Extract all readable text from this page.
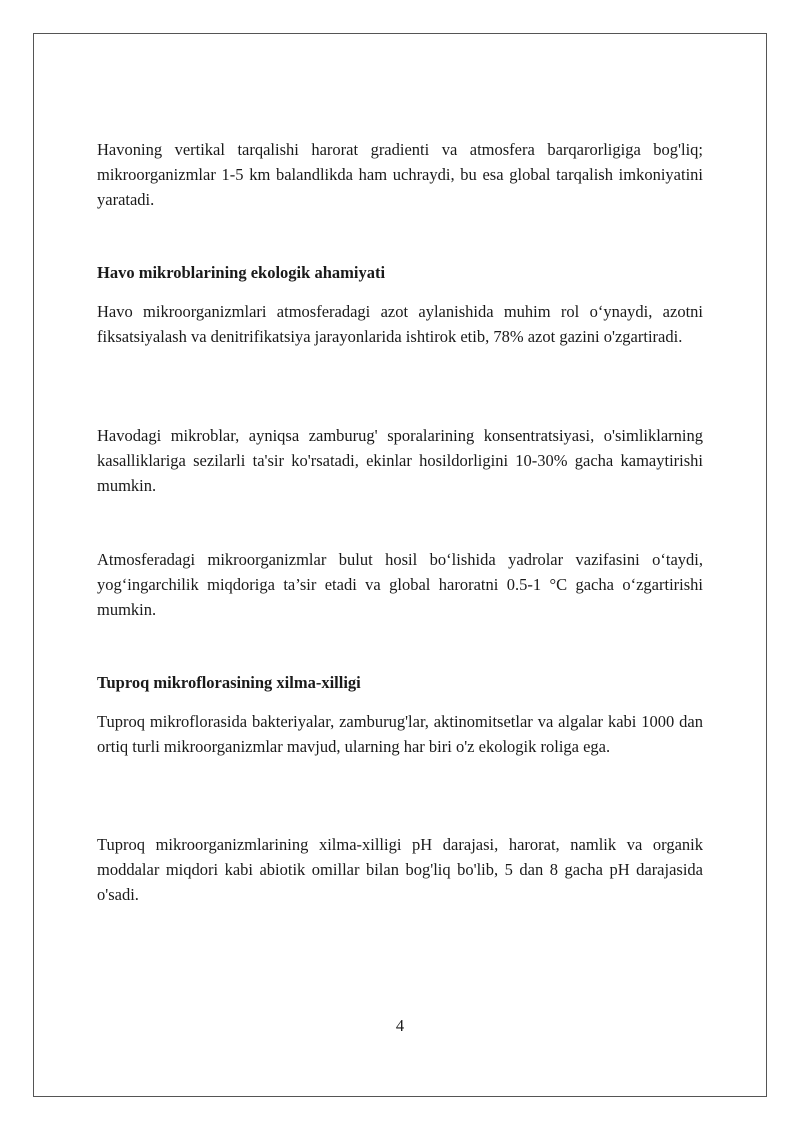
Havoning vertikal tarqalishi harorat gradienti va atmosfera barqarorligiga bog'liq; mikroorganizmlar 1-5 km balandlikda ham uchraydi, bu esa global tarqalish imkoniyatini yaratadi.

Havo mikroblarining ekologik ahamiyati

Havo mikroorganizmlari atmosferadagi azot aylanishida muhim rol o‘ynaydi, azotni fiksatsiyalash va denitrifikatsiya jarayonlarida ishtirok etib, 78% azot gazini o'zgartiradi.

Havodagi mikroblar, ayniqsa zamburug' sporalarining konsentratsiyasi, o'simliklarning kasalliklariga sezilarli ta'sir ko'rsatadi, ekinlar hosildorligini 10-30% gacha kamaytirishi mumkin.

Atmosferadagi mikroorganizmlar bulut hosil bo‘lishida yadrolar vazifasini o‘taydi, yog‘ingarchilik miqdoriga ta’sir etadi va global haroratni 0.5-1 °C gacha o‘zgartirishi mumkin.

Tuproq mikroflorasining xilma-xilligi

Tuproq mikroflorasida bakteriyalar, zamburug'lar, aktinomitsetlar va algalar kabi 1000 dan ortiq turli mikroorganizmlar mavjud, ularning har biri o'z ekologik roliga ega.

Tuproq mikroorganizmlarining xilma-xilligi pH darajasi, harorat, namlik va organik moddalar miqdori kabi abiotik omillar bilan bog'liq bo'lib, 5 dan 8 gacha pH darajasida o'sadi.

4
